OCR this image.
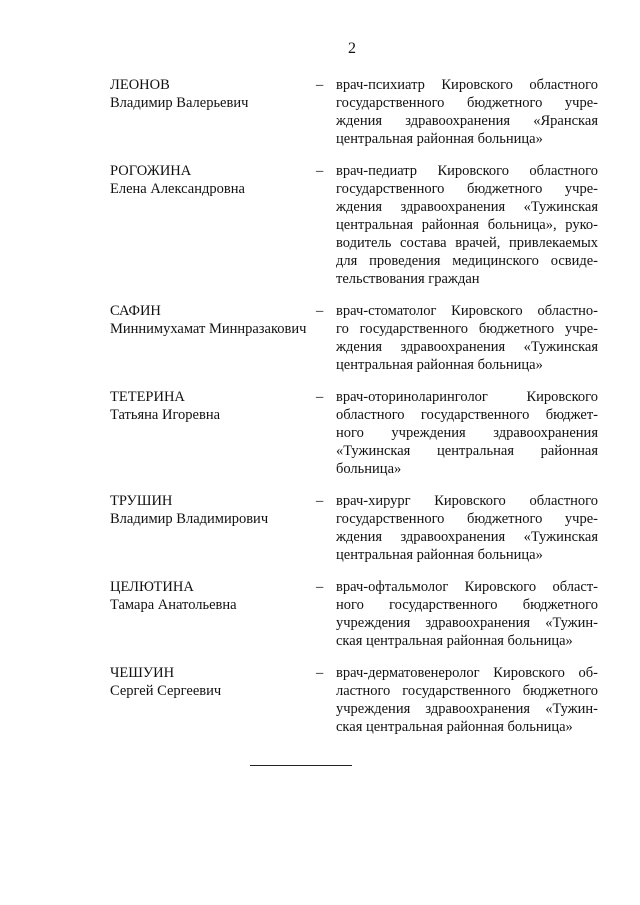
2
ЛЕОНОВ
Владимир Валерьевич
– врач-психиатр Кировского областного
государственного бюджетного учре-
ждения здравоохранения «Яранская
центральная районная больница»
РОГОЖИНА
Елена Александровна
– врач-педиатр Кировского областного
государственного бюджетного учре-
ждения здравоохранения «Тужинская
центральная районная больница», руко-
водитель состава врачей, привлекаемых
для проведения медицинского освиде-
тельствования граждан
САФИН
Миннимухамат Миннразакович
– врач-стоматолог Кировского областно-
го государственного бюджетного учре-
ждения здравоохранения «Тужинская
центральная районная больница»
ТЕТЕРИНА
Татьяна Игоревна
– врач-оториноларинголог Кировского
областного государственного бюджет-
ного учреждения здравоохранения
«Тужинская центральная районная
больница»
ТРУШИН
Владимир Владимирович
– врач-хирург Кировского областного
государственного бюджетного учре-
ждения здравоохранения «Тужинская
центральная районная больница»
ЦЕЛЮТИНА
Тамара Анатольевна
– врач-офтальмолог Кировского област-
ного государственного бюджетного
учреждения здравоохранения «Тужин-
ская центральная районная больница»
ЧЕШУИН
Сергей Сергеевич
– врач-дерматовенеролог Кировского об-
ластного государственного бюджетного
учреждения здравоохранения «Тужин-
ская центральная районная больница»
